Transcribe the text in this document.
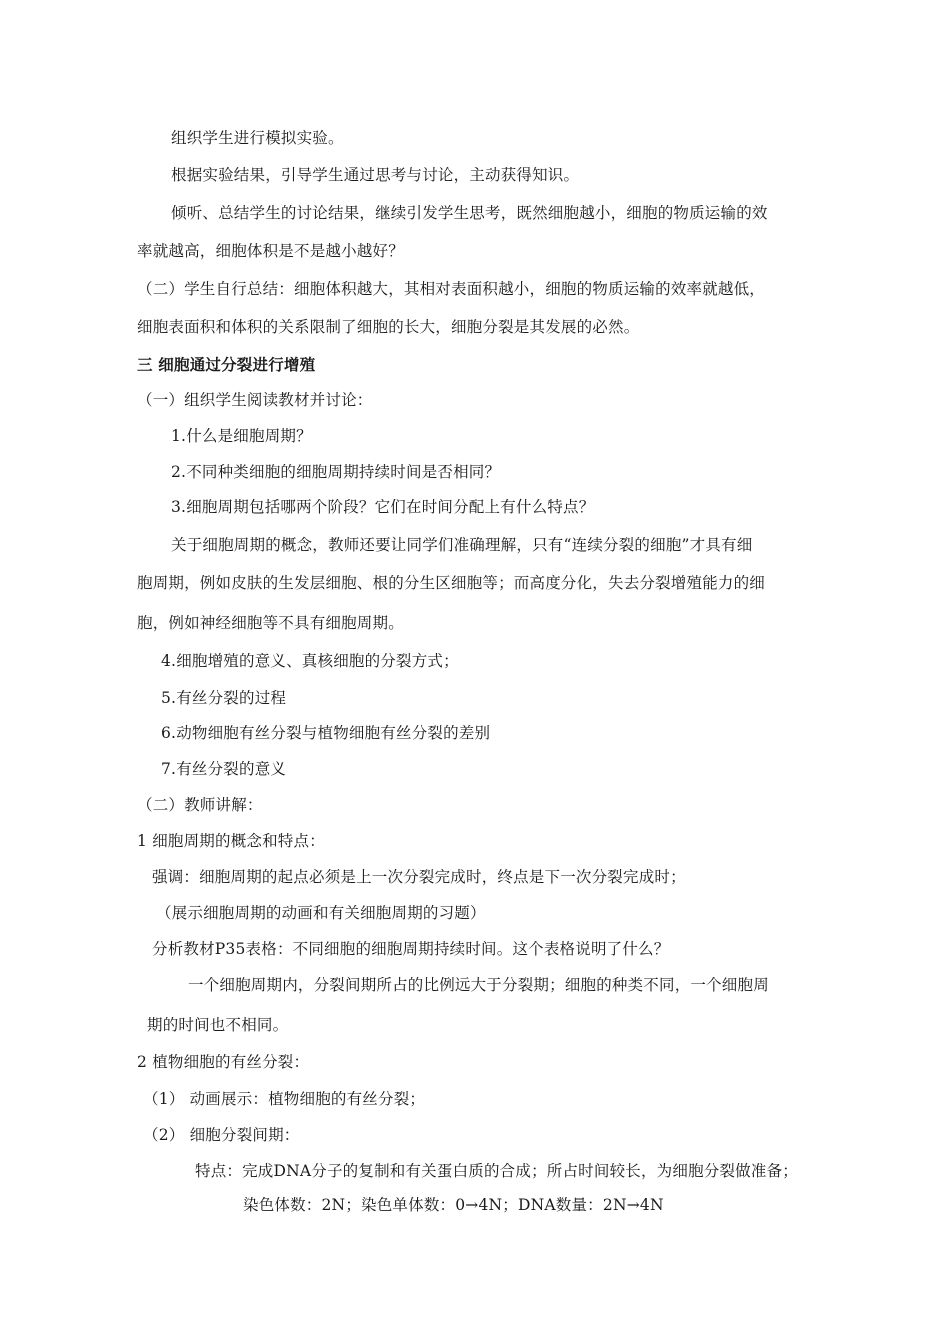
组织学生进行模拟实验。
根据实验结果，引导学生通过思考与讨论，主动获得知识。
倾听、总结学生的讨论结果，继续引发学生思考，既然细胞越小，细胞的物质运输的效
率就越高，细胞体积是不是越小越好？
（二）学生自行总结：细胞体积越大，其相对表面积越小，细胞的物质运输的效率就越低，
细胞表面积和体积的关系限制了细胞的长大，细胞分裂是其发展的必然。
三 细胞通过分裂进行增殖
（一）组织学生阅读教材并讨论：
1.什么是细胞周期？
2.不同种类细胞的细胞周期持续时间是否相同？
3.细胞周期包括哪两个阶段？它们在时间分配上有什么特点？
关于细胞周期的概念，教师还要让同学们准确理解，只有“连续分裂的细胞”才具有细
胞周期，例如皮肤的生发层细胞、根的分生区细胞等；而高度分化，失去分裂增殖能力的细
胞，例如神经细胞等不具有细胞周期。
4.细胞增殖的意义、真核细胞的分裂方式；
5.有丝分裂的过程
6.动物细胞有丝分裂与植物细胞有丝分裂的差别
7.有丝分裂的意义
（二）教师讲解：
1 细胞周期的概念和特点：
强调：细胞周期的起点必须是上一次分裂完成时，终点是下一次分裂完成时；
（展示细胞周期的动画和有关细胞周期的习题）
分析教材P35表格：不同细胞的细胞周期持续时间。这个表格说明了什么？
一个细胞周期内，分裂间期所占的比例远大于分裂期；细胞的种类不同，一个细胞周
期的时间也不相同。
2 植物细胞的有丝分裂：
（1） 动画展示：植物细胞的有丝分裂；
（2） 细胞分裂间期：
特点：完成DNA分子的复制和有关蛋白质的合成；所占时间较长，为细胞分裂做准备；
染色体数：2N；染色单体数：0→4N；DNA数量：2N→4N
